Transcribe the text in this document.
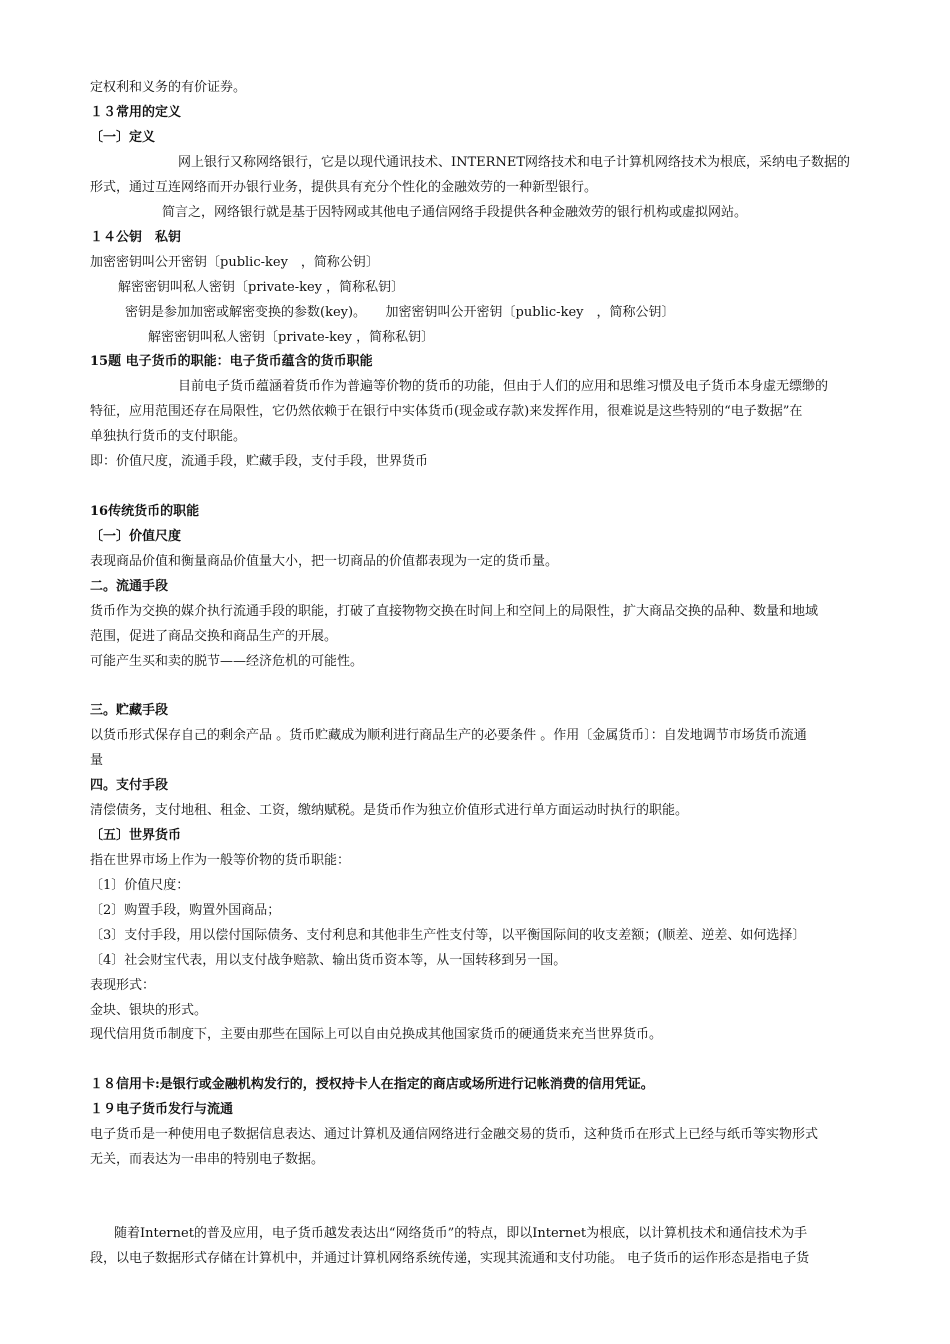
定权利和义务的有价证券。
１３常用的定义
〔一〕定义
网上银行又称网络银行，它是以现代通讯技术、INTERNET网络技术和电子计算机网络技术为根底，采纳电子数据的
形式，通过互连网络而开办银行业务，提供具有充分个性化的金融效劳的一种新型银行。
简言之，网络银行就是基于因特网或其他电子通信网络手段提供各种金融效劳的银行机构或虚拟网站。
１４公钥　私钥
加密密钥叫公开密钥〔public-key　，简称公钥〕
解密密钥叫私人密钥〔private-key ，简称私钥〕
密钥是参加加密或解密变换的参数(key)。　　加密密钥叫公开密钥〔public-key　，简称公钥〕
解密密钥叫私人密钥〔private-key ，简称私钥〕
15题 电子货币的职能：电子货币蕴含的货币职能
目前电子货币蕴涵着货币作为普遍等价物的货币的功能，但由于人们的应用和思维习惯及电子货币本身虚无缥缈的
特征，应用范围还存在局限性，它仍然依赖于在银行中实体货币(现金或存款)来发挥作用，很难说是这些特别的“电子数据”在
单独执行货币的支付职能。
即：价值尺度，流通手段，贮藏手段，支付手段，世界货币
16传统货币的职能
〔一〕价值尺度
表现商品价值和衡量商品价值量大小，把一切商品的价值都表现为一定的货币量。
二。流通手段
货币作为交换的媒介执行流通手段的职能，打破了直接物物交换在时间上和空间上的局限性，扩大商品交换的品种、数量和地域
范围，促进了商品交换和商品生产的开展。
可能产生买和卖的脱节——经济危机的可能性。
三。贮藏手段
以货币形式保存自己的剩余产品 。货币贮藏成为顺利进行商品生产的必要条件 。作用〔金属货币〕：自发地调节市场货币流通
量
四。支付手段
清偿债务，支付地租、租金、工资，缴纳赋税。是货币作为独立价值形式进行单方面运动时执行的职能。
〔五〕世界货币
指在世界市场上作为一般等价物的货币职能：
〔1〕价值尺度：
〔2〕购置手段，购置外国商品；
〔3〕支付手段，用以偿付国际债务、支付利息和其他非生产性支付等，以平衡国际间的收支差额；(顺差、逆差、如何选择〕
〔4〕社会财宝代表，用以支付战争赔款、输出货币资本等，从一国转移到另一国。
表现形式：
金块、银块的形式。
现代信用货币制度下，主要由那些在国际上可以自由兑换成其他国家货币的硬通货来充当世界货币。
１８信用卡:是银行或金融机构发行的，授权持卡人在指定的商店或场所进行记帐消费的信用凭证。
１９电子货币发行与流通
电子货币是一种使用电子数据信息表达、通过计算机及通信网络进行金融交易的货币，这种货币在形式上已经与纸币等实物形式
无关，而表达为一串串的特别电子数据。
随着Internet的普及应用，电子货币越发表达出“网络货币”的特点，即以Internet为根底，以计算机技术和通信技术为手
段，以电子数据形式存储在计算机中，并通过计算机网络系统传递，实现其流通和支付功能。 电子货币的运作形态是指电子货
